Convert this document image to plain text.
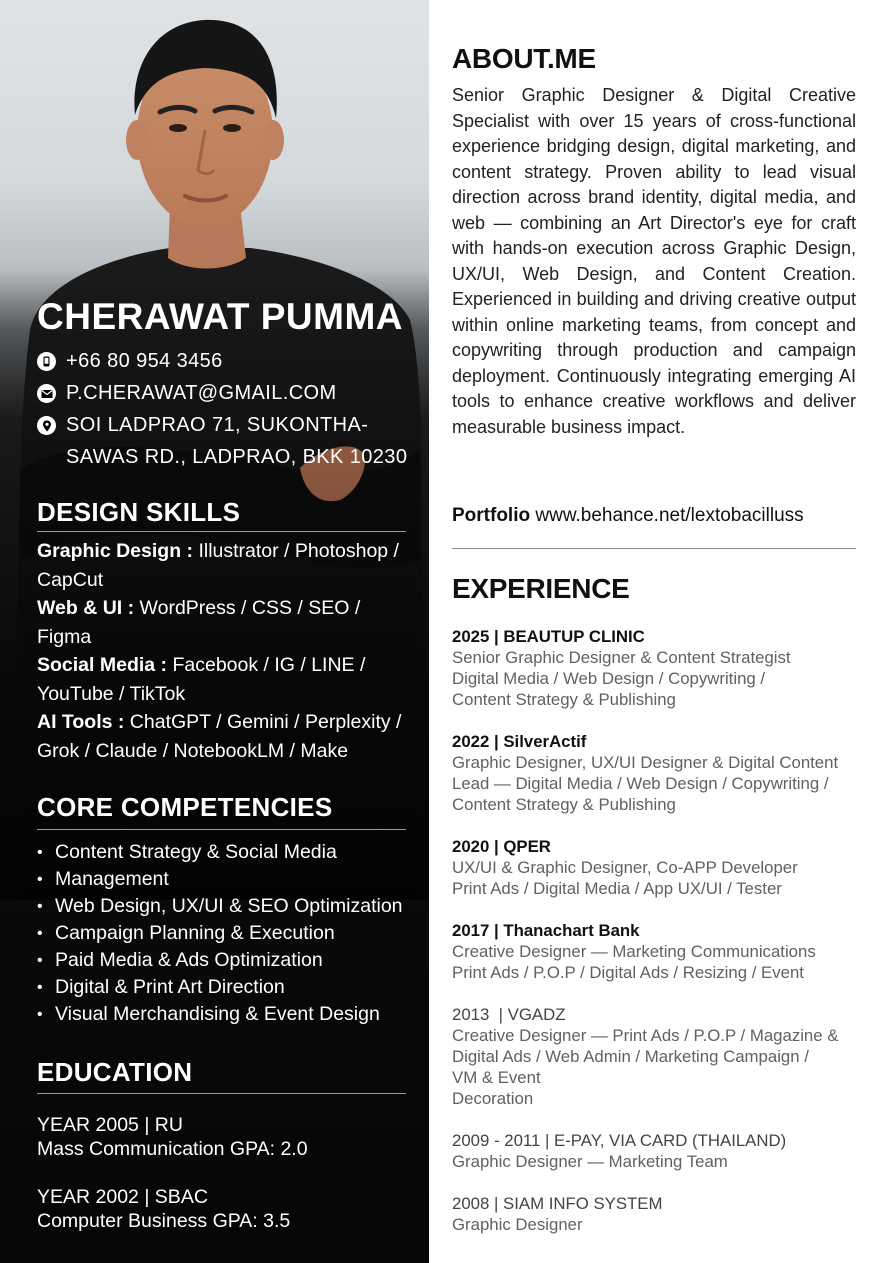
CHERAWAT PUMMA
+66 80 954 3456
P.CHERAWAT@GMAIL.COM
SOI LADPRAO 71, SUKONTHA-
SAWAS RD., LADPRAO, BKK 10230
DESIGN SKILLS

Graphic Design : Illustrator / Photoshop / CapCut

Web & UI : WordPress / CSS / SEO / Figma

Social Media : Facebook / IG / LINE / YouTube / TikTok

AI Tools : ChatGPT / Gemini / Perplexity / Grok / Claude / NotebookLM / Make

CORE COMPETENCIES
• Content Strategy & Social Media
• Management
• Web Design, UX/UI & SEO Optimization
• Campaign Planning & Execution
• Paid Media & Ads Optimization
• Digital & Print Art Direction
• Visual Merchandising & Event Design
EDUCATION
YEAR 2005 | RU
Mass Communication GPA: 2.0
YEAR 2002 | SBAC
Computer Business GPA: 3.5
ABOUT.ME

Senior Graphic Designer & Digital Creative Specialist with over 15 years of cross-functional experience bridging design, digital marketing, and content strategy. Proven ability to lead visual direction across brand identity, digital media, and web — combining an Art Director's eye for craft with hands-on execution across Graphic Design, UX/UI, Web Design, and Content Creation. Experienced in building and driving creative output within online marketing teams, from concept and copywriting through production and campaign deployment. Continuously integrating emerging AI tools to enhance creative workflows and deliver measurable business impact.

Portfolio www.behance.net/lextobacilluss
EXPERIENCE
2025 | BEAUTUP CLINIC
Senior Graphic Designer & Content Strategist
Digital Media / Web Design / Copywriting /
Content Strategy & Publishing
2022 | SilverActif
Graphic Designer, UX/UI Designer & Digital Content
Lead — Digital Media / Web Design / Copywriting /
Content Strategy & Publishing
2020 | QPER
UX/UI & Graphic Designer, Co-APP Developer
Print Ads / Digital Media / App UX/UI / Tester
2017 | Thanachart Bank
Creative Designer — Marketing Communications
Print Ads / P.O.P / Digital Ads / Resizing / Event
2013  | VGADZ
Creative Designer — Print Ads / P.O.P / Magazine &
Digital Ads / Web Admin / Marketing Campaign /
VM & Event
Decoration
2009 - 2011 | E-PAY, VIA CARD (THAILAND)
Graphic Designer — Marketing Team
2008 | SIAM INFO SYSTEM
Graphic Designer
